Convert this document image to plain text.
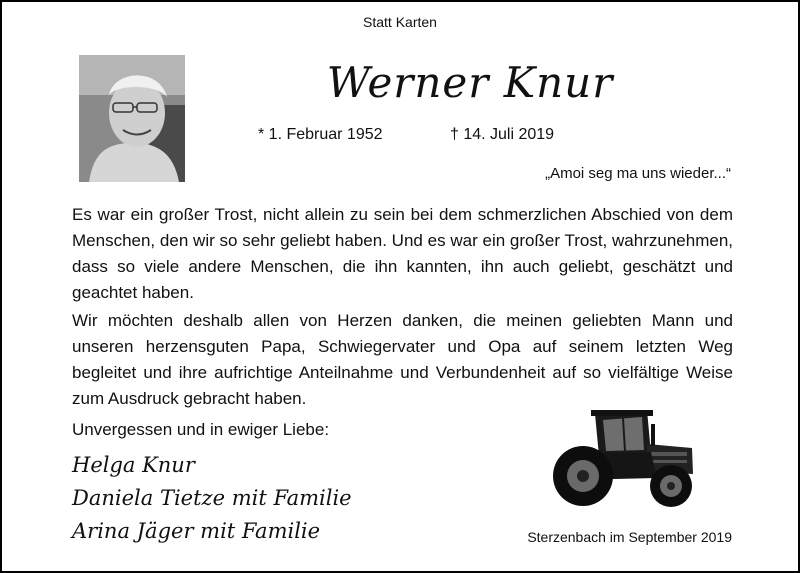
Statt Karten
Werner Knur
* 1. Februar 1952	† 14. Juli 2019
„Amoi seg ma uns wieder...“

Es war ein großer Trost, nicht allein zu sein bei dem schmerzlichen Abschied von dem Menschen, den wir so sehr geliebt haben. Und es war ein großer Trost, wahrzunehmen, dass so viele andere Menschen, die ihn kannten, ihn auch geliebt, geschätzt und geachtet haben.

Wir möchten deshalb allen von Herzen danken, die meinen geliebten Mann und unseren herzensguten Papa, Schwiegervater und Opa auf seinem letzten Weg begleitet und ihre aufrichtige Anteilnahme und Verbundenheit auf so vielfältige Weise zum Ausdruck gebracht haben.

Unvergessen und in ewiger Liebe:
Helga Knur
Daniela Tietze mit Familie
Arina Jäger mit Familie	Sterzenbach im September 2019
